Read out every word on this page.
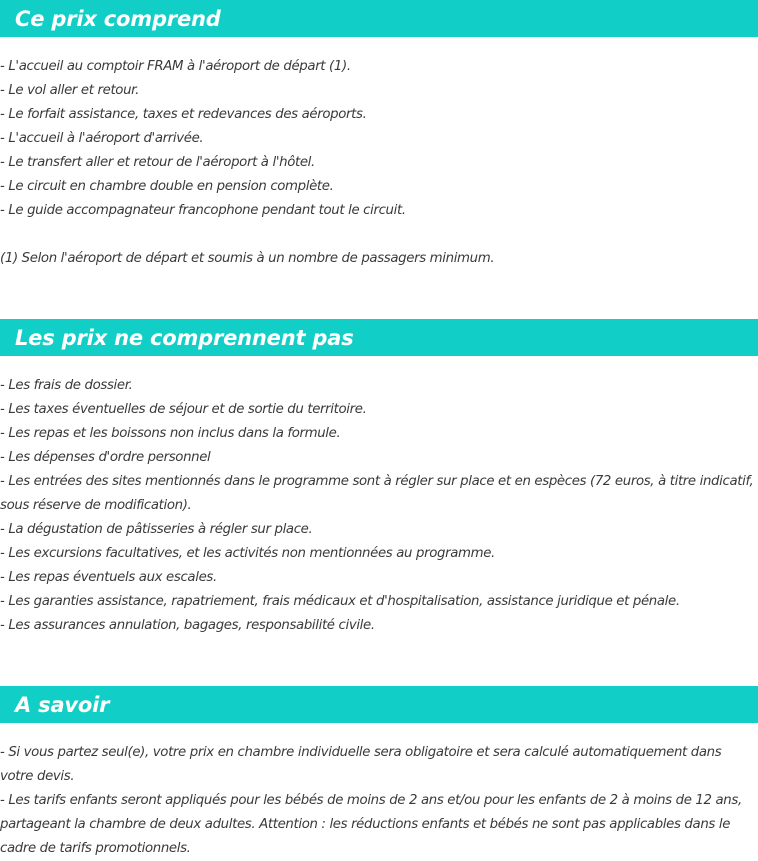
Ce prix comprend
- L'accueil au comptoir FRAM à l'aéroport de départ (1).
- Le vol aller et retour.
- Le forfait assistance, taxes et redevances des aéroports.
- L'accueil à l'aéroport d'arrivée.
- Le transfert aller et retour de l'aéroport à l'hôtel.
- Le circuit en chambre double en pension complète.
- Le guide accompagnateur francophone pendant tout le circuit.
(1) Selon l'aéroport de départ et soumis à un nombre de passagers minimum.
Les prix ne comprennent pas
- Les frais de dossier.
- Les taxes éventuelles de séjour et de sortie du territoire.
- Les repas et les boissons non inclus dans la formule.
- Les dépenses d'ordre personnel
- Les entrées des sites mentionnés dans le programme sont à régler sur place et en espèces (72 euros, à titre indicatif, sous réserve de modification).
- La dégustation de pâtisseries à régler sur place.
- Les excursions facultatives, et les activités non mentionnées au programme.
- Les repas éventuels aux escales.
- Les garanties assistance, rapatriement, frais médicaux et d'hospitalisation, assistance juridique et pénale.
- Les assurances annulation, bagages, responsabilité civile.
A savoir
- Si vous partez seul(e), votre prix en chambre individuelle sera obligatoire et sera calculé automatiquement dans votre devis.
- Les tarifs enfants seront appliqués pour les bébés de moins de 2 ans et/ou pour les enfants de 2 à moins de 12 ans, partageant la chambre de deux adultes. Attention : les réductions enfants et bébés ne sont pas applicables dans le cadre de tarifs promotionnels.
